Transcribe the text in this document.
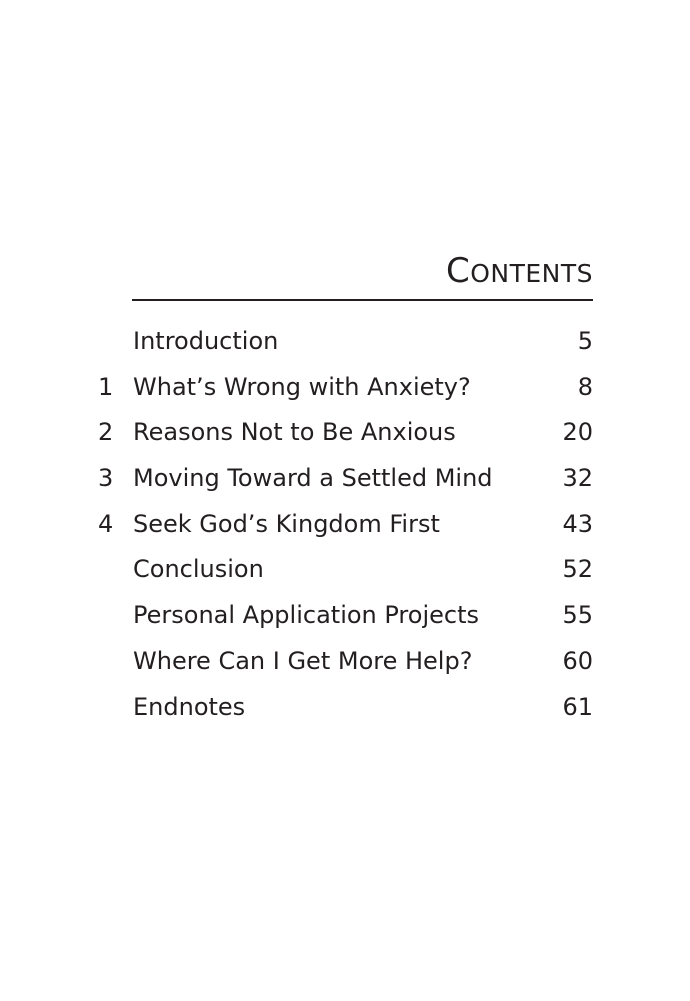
CONTENTS
Introduction	5
1 What’s Wrong with Anxiety?	8
2 Reasons Not to Be Anxious	20
3 Moving Toward a Settled Mind	32
4 Seek God’s Kingdom First	43
Conclusion	52
Personal Application Projects	55
Where Can I Get More Help?	60
Endnotes	61
